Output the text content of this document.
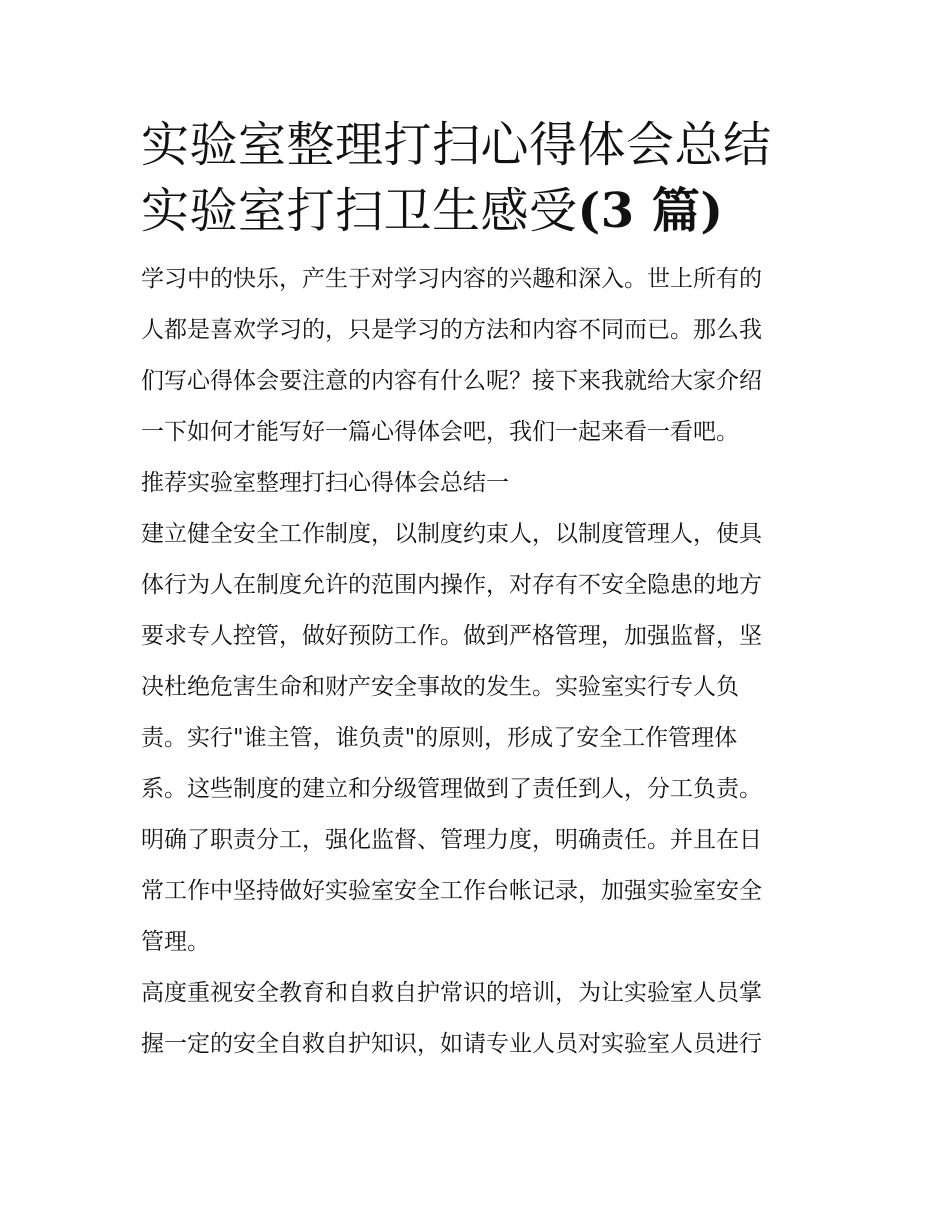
实验室整理打扫心得体会总结
实验室打扫卫生感受(3 篇)

学习中的快乐，产生于对学习内容的兴趣和深入。世上所有的
人都是喜欢学习的，只是学习的方法和内容不同而已。那么我
们写心得体会要注意的内容有什么呢？接下来我就给大家介绍
一下如何才能写好一篇心得体会吧，我们一起来看一看吧。

推荐实验室整理打扫心得体会总结一

建立健全安全工作制度，以制度约束人，以制度管理人，使具
体行为人在制度允许的范围内操作，对存有不安全隐患的地方
要求专人控管，做好预防工作。做到严格管理，加强监督，坚
决杜绝危害生命和财产安全事故的发生。实验室实行专人负
责。实行"谁主管，谁负责"的原则，形成了安全工作管理体
系。这些制度的建立和分级管理做到了责任到人，分工负责。
明确了职责分工，强化监督、管理力度，明确责任。并且在日
常工作中坚持做好实验室安全工作台帐记录，加强实验室安全
管理。

高度重视安全教育和自救自护常识的培训，为让实验室人员掌
握一定的安全自救自护知识，如请专业人员对实验室人员进行
